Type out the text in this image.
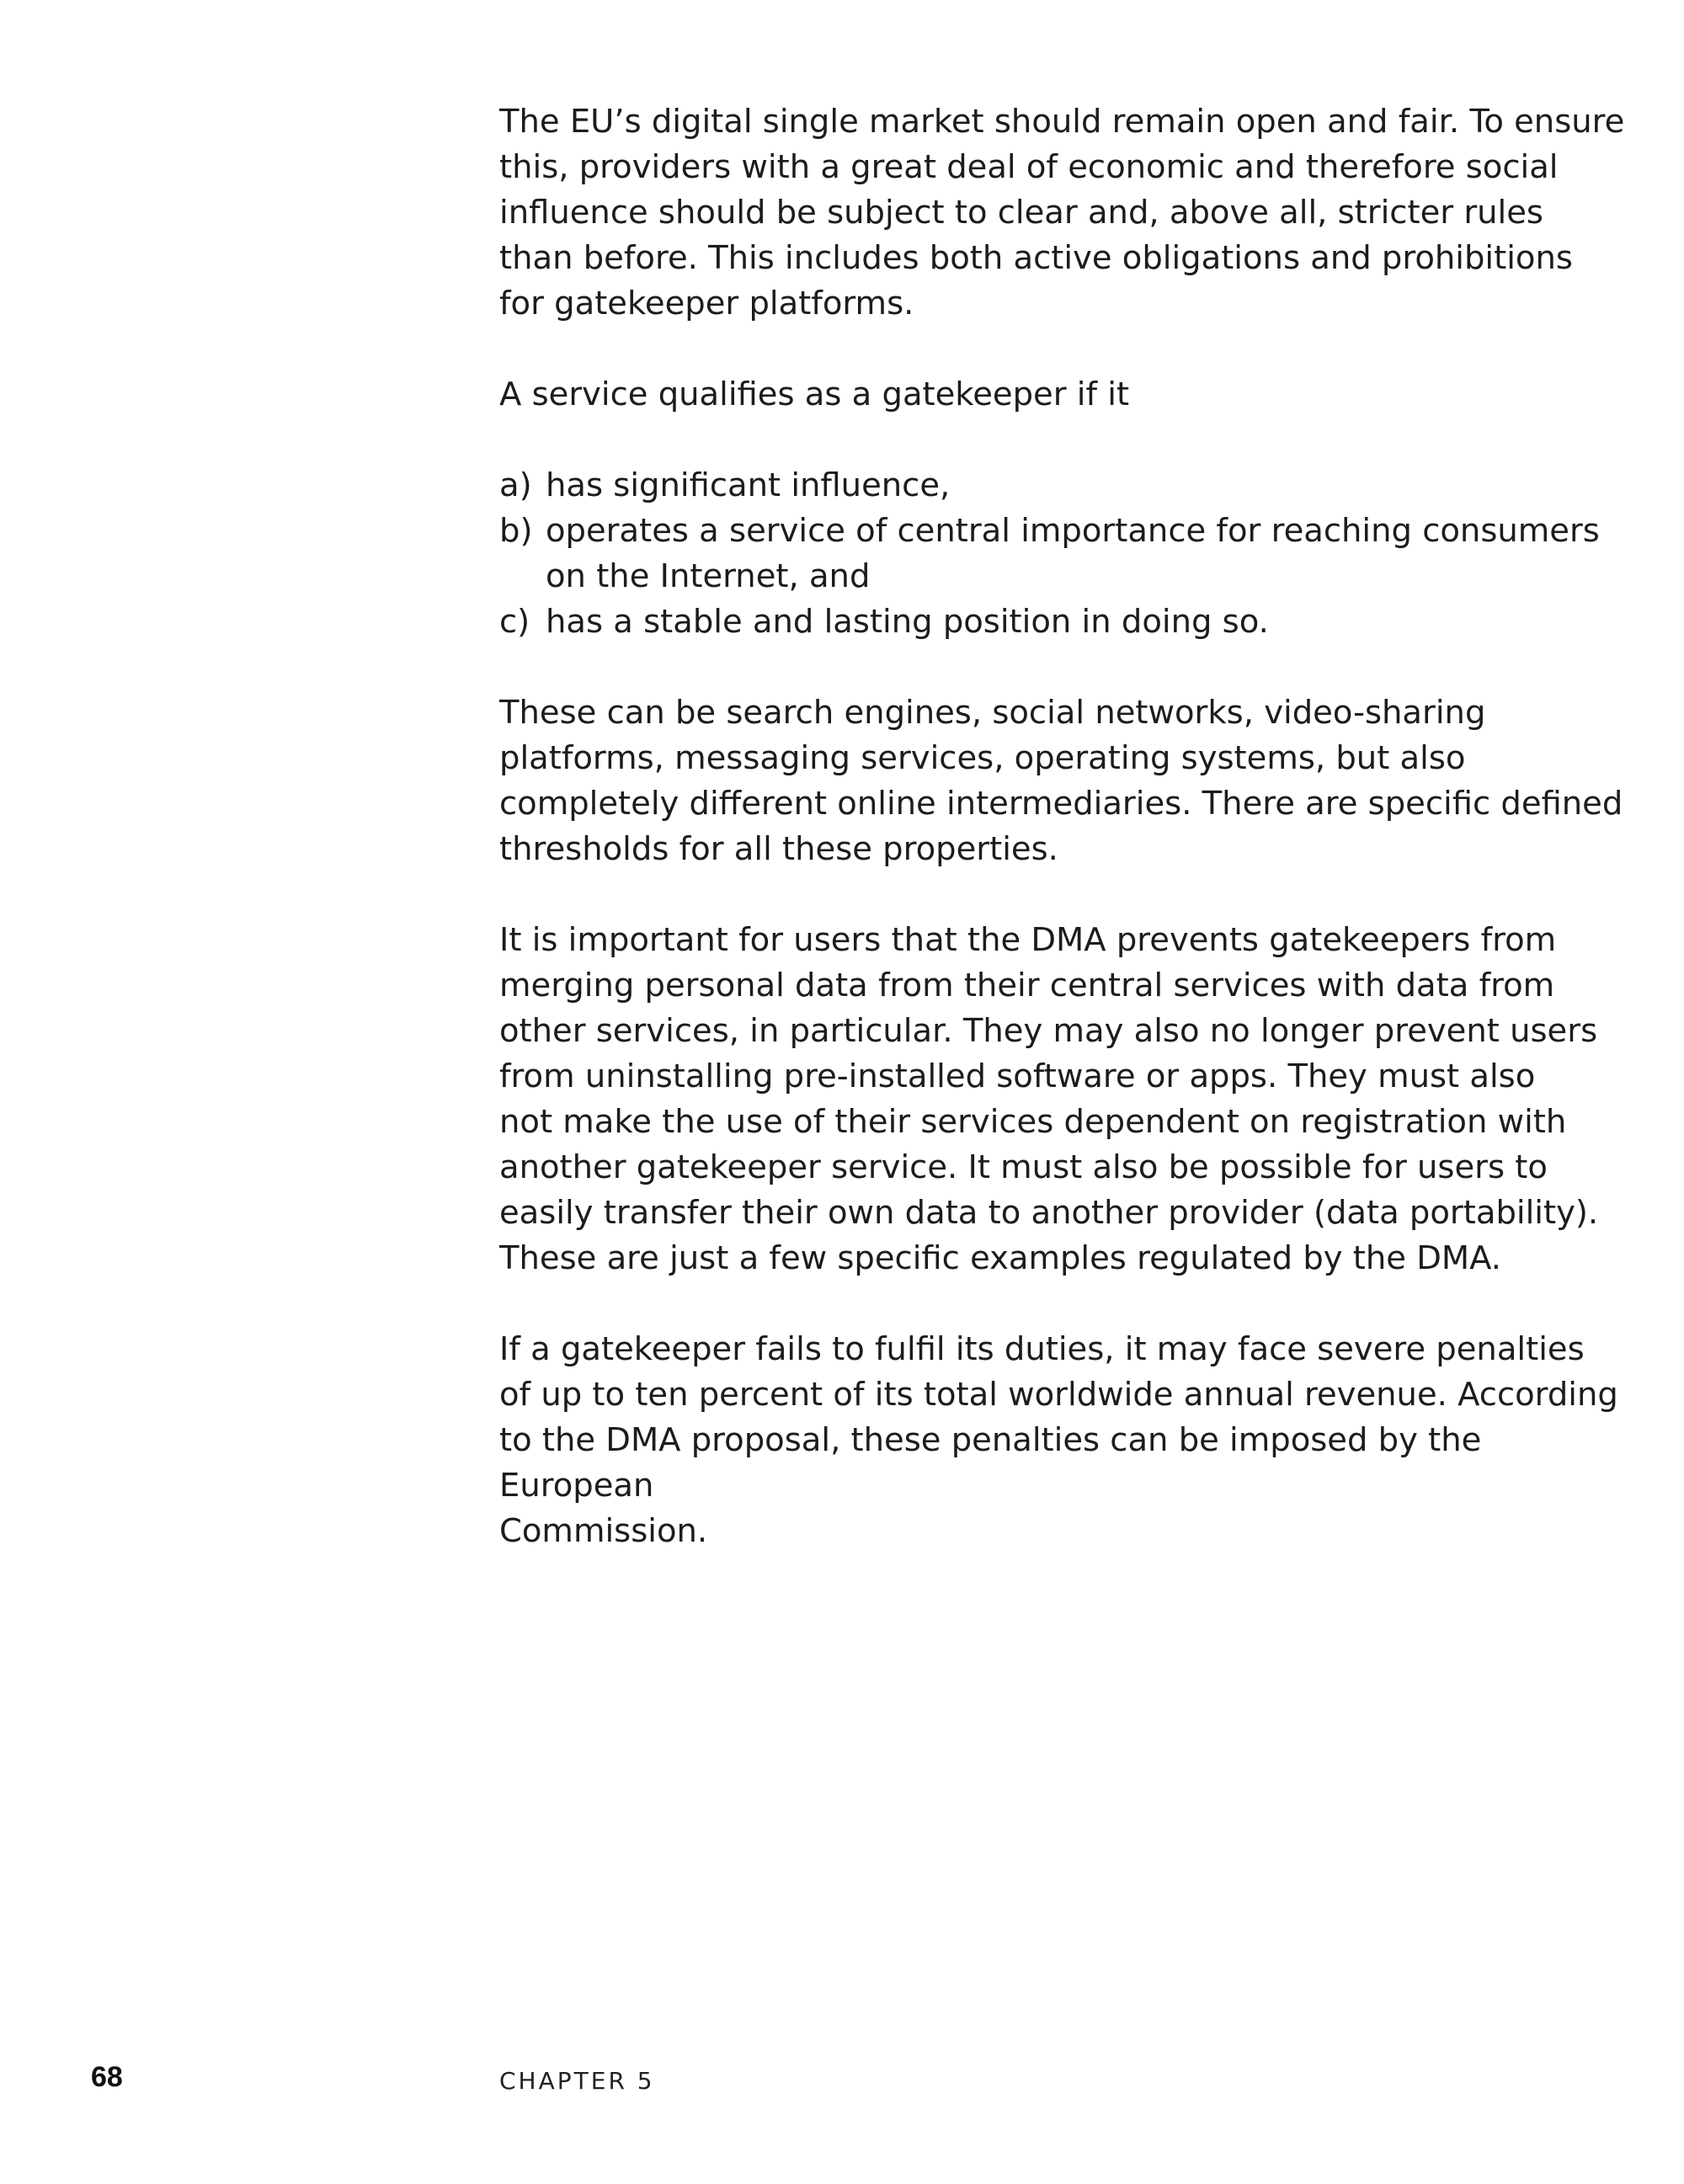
The EU’s digital single market should remain open and fair. To ensure
this, providers with a great deal of economic and therefore social
influence should be subject to clear and, above all, stricter rules
than before. This includes both active obligations and prohibitions
for gatekeeper platforms.

A service qualifies as a gatekeeper if it

a) has significant influence,
b) operates a service of central importance for reaching consumers
on the Internet, and
c) has a stable and lasting position in doing so.

These can be search engines, social networks, video-sharing
platforms, messaging services, operating systems, but also
completely different online intermediaries. There are specific defined
thresholds for all these properties.

It is important for users that the DMA prevents gatekeepers from
merging personal data from their central services with data from
other services, in particular. They may also no longer prevent users
from uninstalling pre-installed software or apps. They must also
not make the use of their services dependent on registration with
another gatekeeper service. It must also be possible for users to
easily transfer their own data to another provider (data portability).
These are just a few specific examples regulated by the DMA.

If a gatekeeper fails to fulfil its duties, it may face severe penalties
of up to ten percent of its total worldwide annual revenue. According
to the DMA proposal, these penalties can be imposed by the European
Commission.

68	CHAPTER 5
